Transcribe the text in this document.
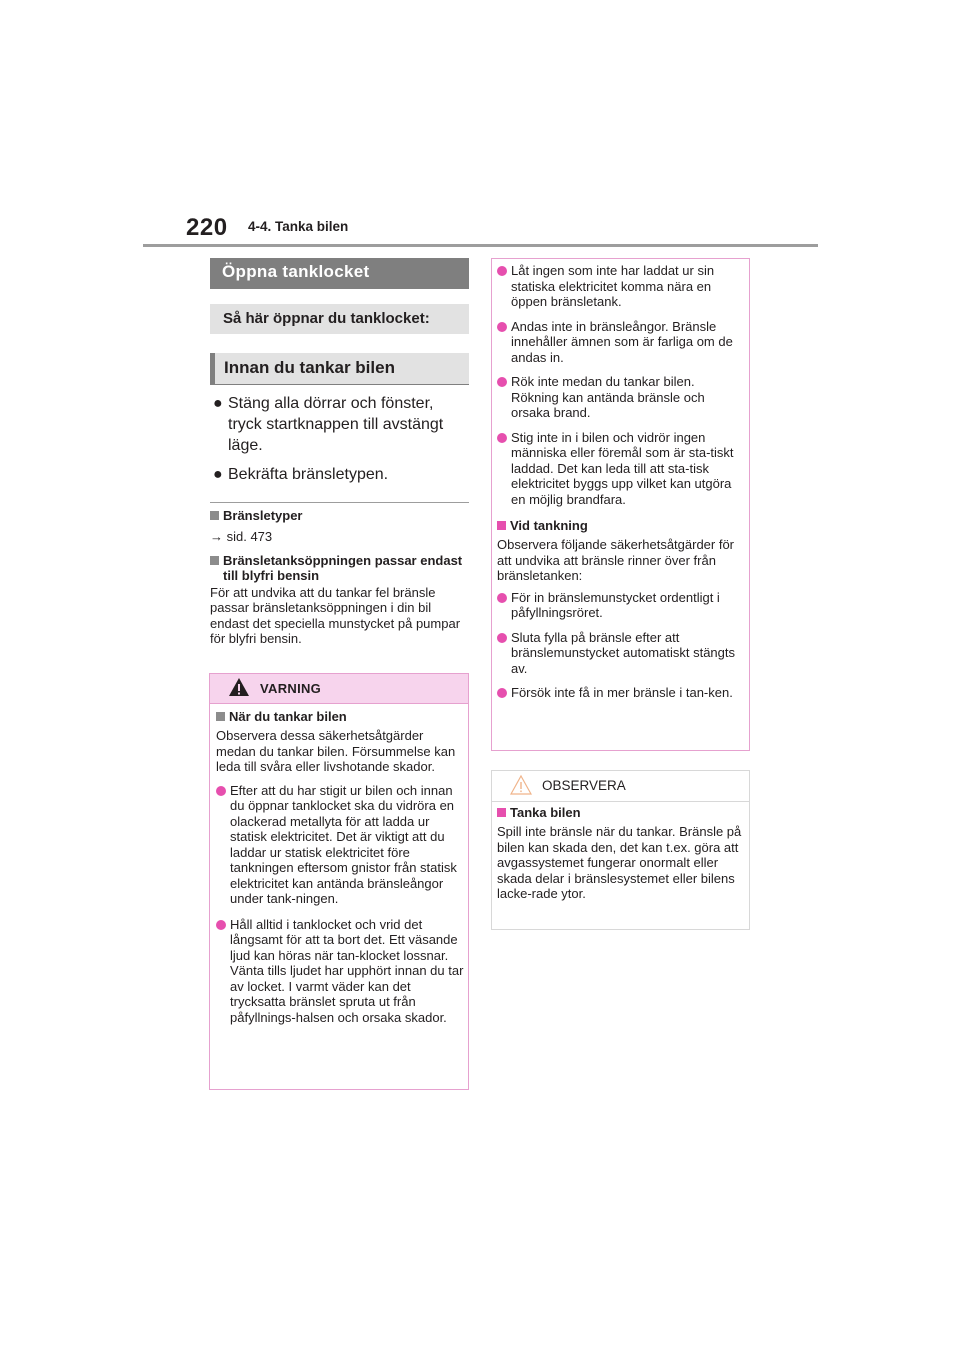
220 4-4. Tanka bilen
Öppna tanklocket
Så här öppnar du tanklocket:
Innan du tankar bilen
● Stäng alla dörrar och fönster, tryck startknappen till avstängt läge.
● Bekräfta bränsletypen.
Bränsletyper
→ sid. 473
Bränsletanksöppningen passar endast till blyfri bensin
För att undvika att du tankar fel bränsle passar bränsletanksöppningen i din bil endast det speciella munstycket på pumpar för blyfri bensin.
VARNING
När du tankar bilen
Observera dessa säkerhetsåtgärder medan du tankar bilen. Försummelse kan leda till svåra eller livshotande skador.
Efter att du har stigit ur bilen och innan du öppnar tanklocket ska du vidröra en olackerad metallyta för att ladda ur statisk elektricitet. Det är viktigt att du laddar ur statisk elektricitet före tankningen eftersom gnistor från statisk elektricitet kan antända bränsleångor under tank-ningen.
Håll alltid i tanklocket och vrid det långsamt för att ta bort det. Ett väsande ljud kan höras när tan-klocket lossnar. Vänta tills ljudet har upphört innan du tar av locket. I varmt väder kan det trycksatta bränslet spruta ut från påfyllnings-halsen och orsaka skador.
Låt ingen som inte har laddat ur sin statiska elektricitet komma nära en öppen bränsletank.
Andas inte in bränsleångor. Bränsle innehåller ämnen som är farliga om de andas in.
Rök inte medan du tankar bilen. Rökning kan antända bränsle och orsaka brand.
Stig inte in i bilen och vidrör ingen människa eller föremål som är sta-tiskt laddad. Det kan leda till att sta-tisk elektricitet byggs upp vilket kan utgöra en möjlig brandfara.
Vid tankning
Observera följande säkerhetsåtgärder för att undvika att bränsle rinner över från bränsletanken:
För in bränslemunstycket ordentligt i påfyllningsröret.
Sluta fylla på bränsle efter att bränslemunstycket automatiskt stängts av.
Försök inte få in mer bränsle i tan-ken.
OBSERVERA
Tanka bilen
Spill inte bränsle när du tankar. Bränsle på bilen kan skada den, det kan t.ex. göra att avgassystemet fungerar onormalt eller skada delar i bränslesystemet eller bilens lacke-rade ytor.
